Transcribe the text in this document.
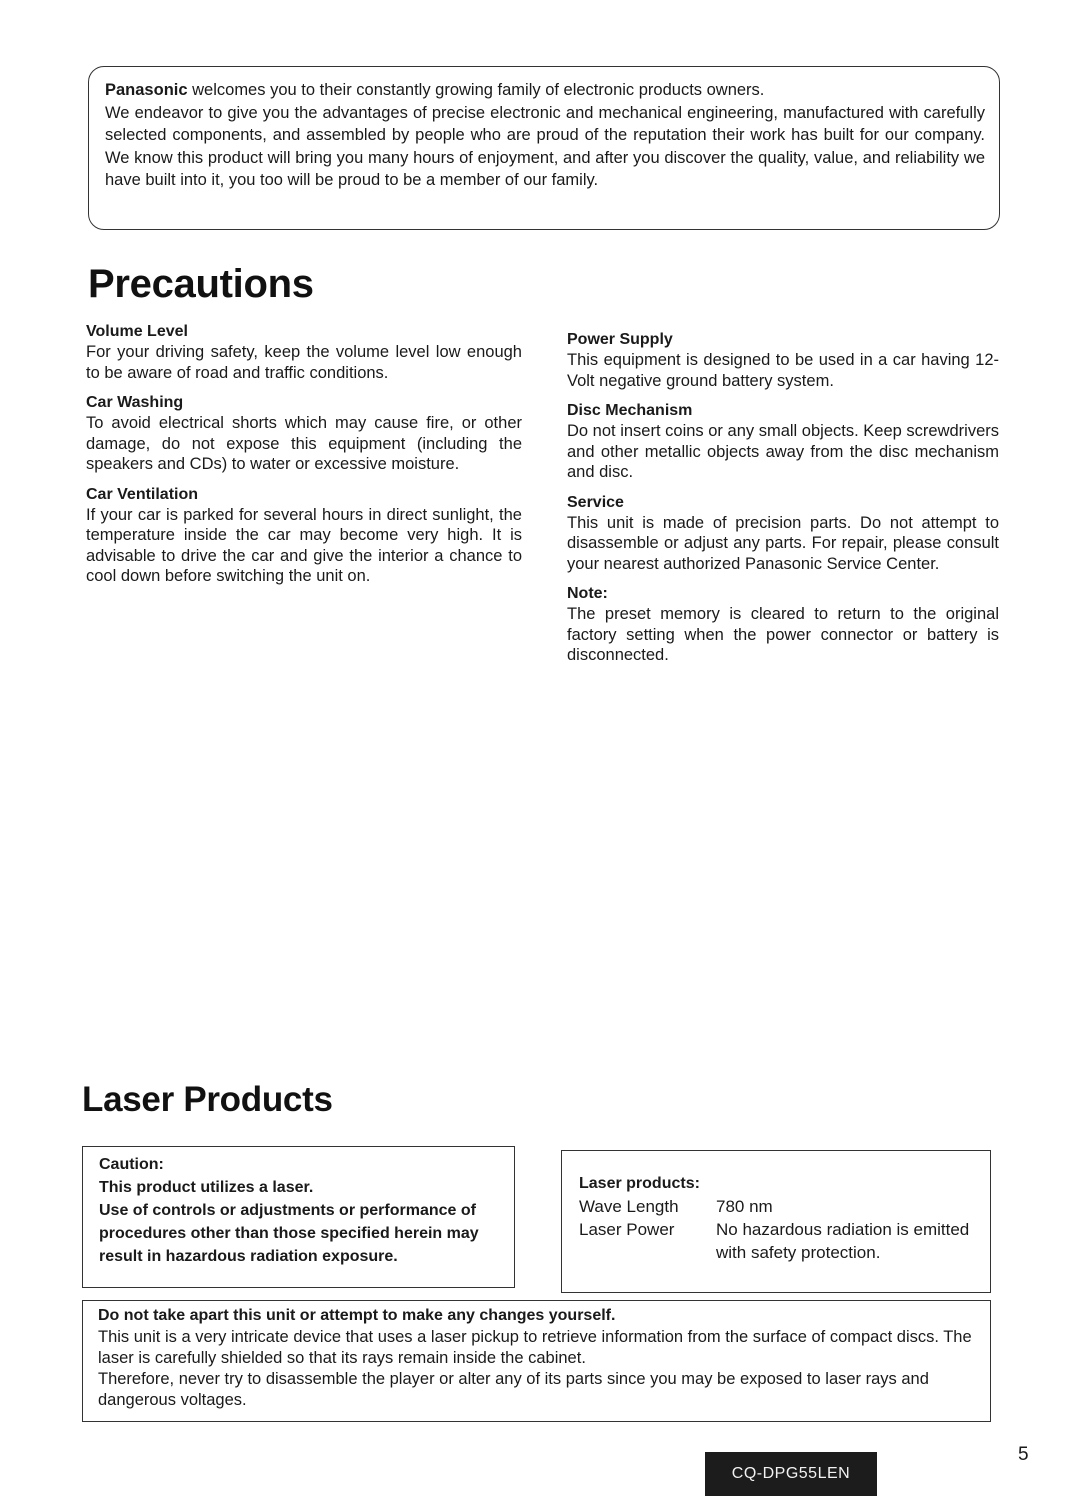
Panasonic welcomes you to their constantly growing family of electronic products owners.
We endeavor to give you the advantages of precise electronic and mechanical engineering, manufactured with carefully selected components, and assembled by people who are proud of the reputation their work has built for our company. We know this product will bring you many hours of enjoyment, and after you discover the quality, value, and reliability we have built into it, you too will be proud to be a member of our family.

Precautions
Volume Level

For your driving safety, keep the volume level low enough to be aware of road and traffic conditions.

Car Washing

To avoid electrical shorts which may cause fire, or other damage, do not expose this equipment (including the speakers and CDs) to water or excessive moisture.

Car Ventilation

If your car is parked for several hours in direct sunlight, the temperature inside the car may become very high. It is advisable to drive the car and give the interior a chance to cool down before switching the unit on.

Power Supply

This equipment is designed to be used in a car having 12-Volt negative ground battery system.

Disc Mechanism

Do not insert coins or any small objects. Keep screwdrivers and other metallic objects away from the disc mechanism and disc.

Service

This unit is made of precision parts. Do not attempt to disassemble or adjust any parts. For repair, please consult your nearest authorized Panasonic Service Center.

Note:

The preset memory is cleared to return to the original factory setting when the power connector or battery is disconnected.

Laser Products
Caution:
This product utilizes a laser.
Use of controls or adjustments or performance of procedures other than those specified herein may result in hazardous radiation exposure.
Laser products:
Wave Length	780 nm
Laser Power	No hazardous radiation is emitted with safety protection.
Do not take apart this unit or attempt to make any changes yourself.

This unit is a very intricate device that uses a laser pickup to retrieve information from the surface of compact discs. The laser is carefully shielded so that its rays remain inside the cabinet.

Therefore, never try to disassemble the player or alter any of its parts since you may be exposed to laser rays and dangerous voltages.

CQ-DPG55LEN
5
